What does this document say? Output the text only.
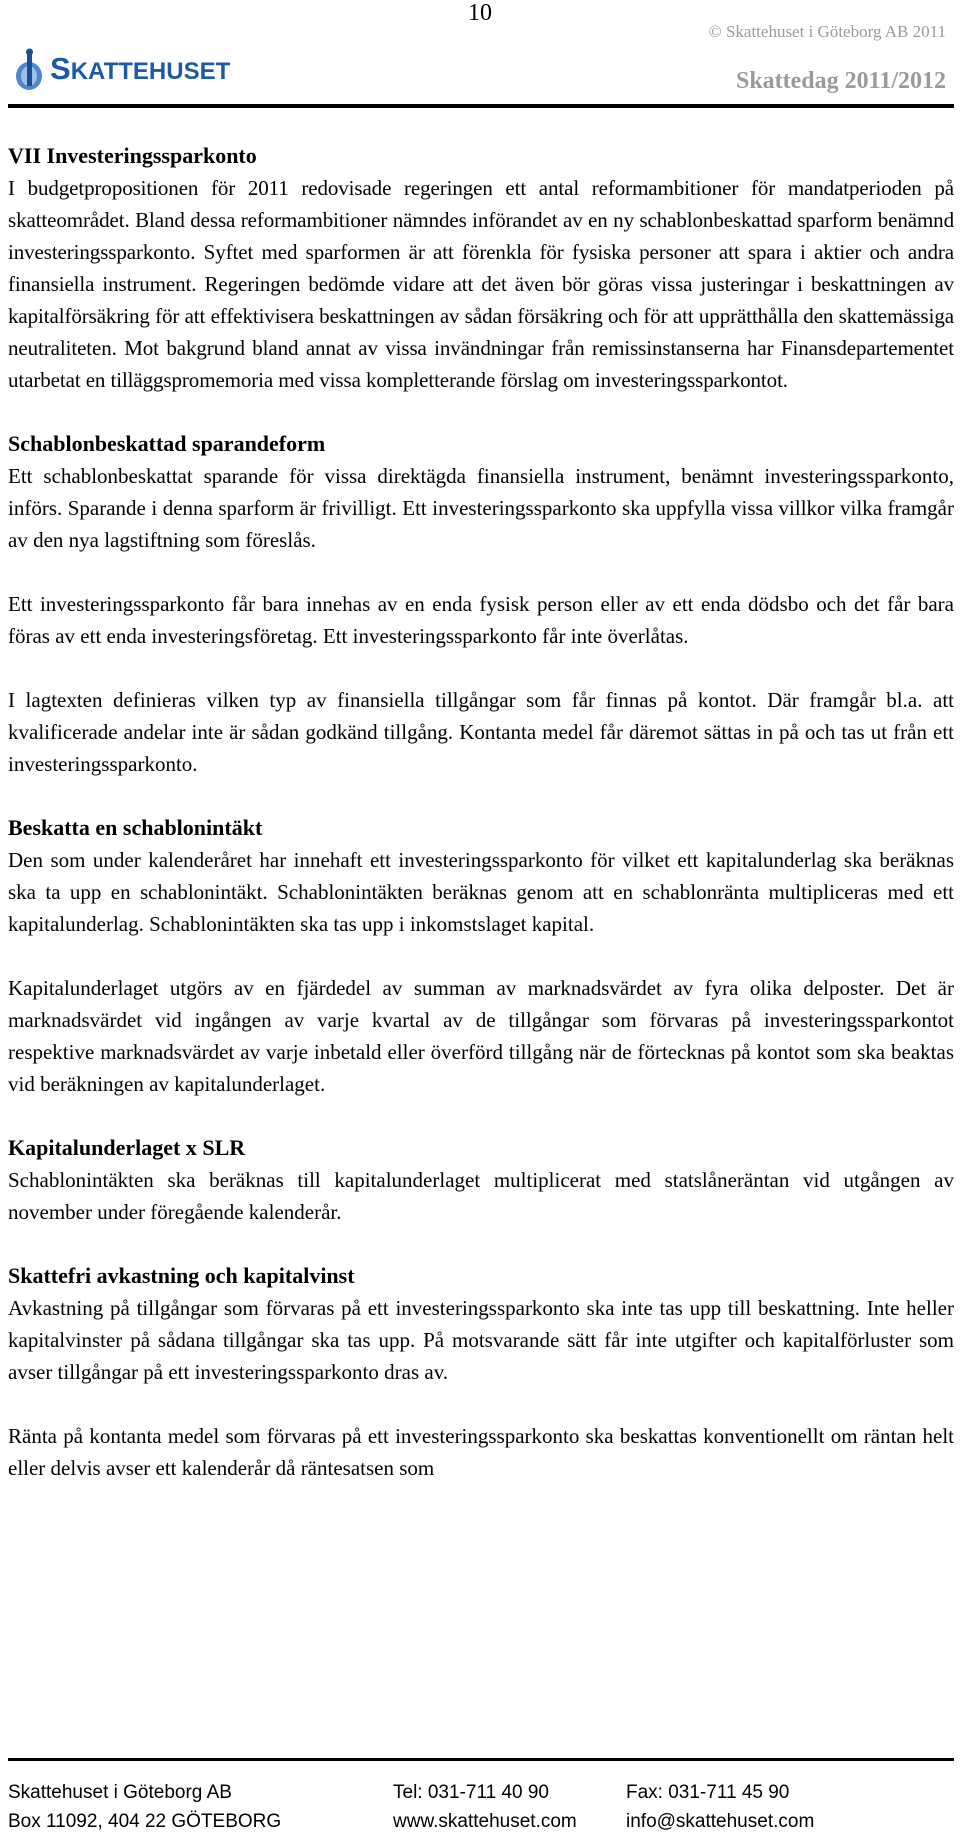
10
© Skattehuset i Göteborg AB 2011
SKATTEHUSET	Skattedag 2011/2012
VII Investeringssparkonto

I budgetpropositionen för 2011 redovisade regeringen ett antal reformambitioner för mandatperioden på skatteområdet. Bland dessa reformambitioner nämndes införandet av en ny schablonbeskattad sparform benämnd investeringssparkonto. Syftet med sparformen är att förenkla för fysiska personer att spara i aktier och andra finansiella instrument. Regeringen bedömde vidare att det även bör göras vissa justeringar i beskattningen av kapitalförsäkring för att effektivisera beskattningen av sådan försäkring och för att upprätthålla den skattemässiga neutraliteten. Mot bakgrund bland annat av vissa invändningar från remissinstanserna har Finansdepartementet utarbetat en tilläggspromemoria med vissa kompletterande förslag om investeringssparkontot.

Schablonbeskattad sparandeform

Ett schablonbeskattat sparande för vissa direktägda finansiella instrument, benämnt investeringssparkonto, införs. Sparande i denna sparform är frivilligt. Ett investeringssparkonto ska uppfylla vissa villkor vilka framgår av den nya lagstiftning som föreslås.

Ett investeringssparkonto får bara innehas av en enda fysisk person eller av ett enda dödsbo och det får bara föras av ett enda investeringsföretag. Ett investeringssparkonto får inte överlåtas.

I lagtexten definieras vilken typ av finansiella tillgångar som får finnas på kontot. Där framgår bl.a. att kvalificerade andelar inte är sådan godkänd tillgång. Kontanta medel får däremot sättas in på och tas ut från ett investeringssparkonto.

Beskatta en schablonintäkt

Den som under kalenderåret har innehaft ett investeringssparkonto för vilket ett kapitalunderlag ska beräknas ska ta upp en schablonintäkt. Schablonintäkten beräknas genom att en schablonränta multipliceras med ett kapitalunderlag. Schablonintäkten ska tas upp i inkomstslaget kapital.

Kapitalunderlaget utgörs av en fjärdedel av summan av marknadsvärdet av fyra olika delposter. Det är marknadsvärdet vid ingången av varje kvartal av de tillgångar som förvaras på investeringssparkontot respektive marknadsvärdet av varje inbetald eller överförd tillgång när de förtecknas på kontot som ska beaktas vid beräkningen av kapitalunderlaget.

Kapitalunderlaget x SLR

Schablonintäkten ska beräknas till kapitalunderlaget multiplicerat med statslåneräntan vid utgången av november under föregående kalenderår.

Skattefri avkastning och kapitalvinst

Avkastning på tillgångar som förvaras på ett investeringssparkonto ska inte tas upp till beskattning. Inte heller kapitalvinster på sådana tillgångar ska tas upp. På motsvarande sätt får inte utgifter och kapitalförluster som avser tillgångar på ett investeringssparkonto dras av.

Ränta på kontanta medel som förvaras på ett investeringssparkonto ska beskattas konventionellt om räntan helt eller delvis avser ett kalenderår då räntesatsen som

Skattehuset i Göteborg AB
Box 11092, 404 22 GÖTEBORG
Tel: 031-711 40 90
www.skattehuset.com
Fax: 031-711 45 90
info@skattehuset.com
